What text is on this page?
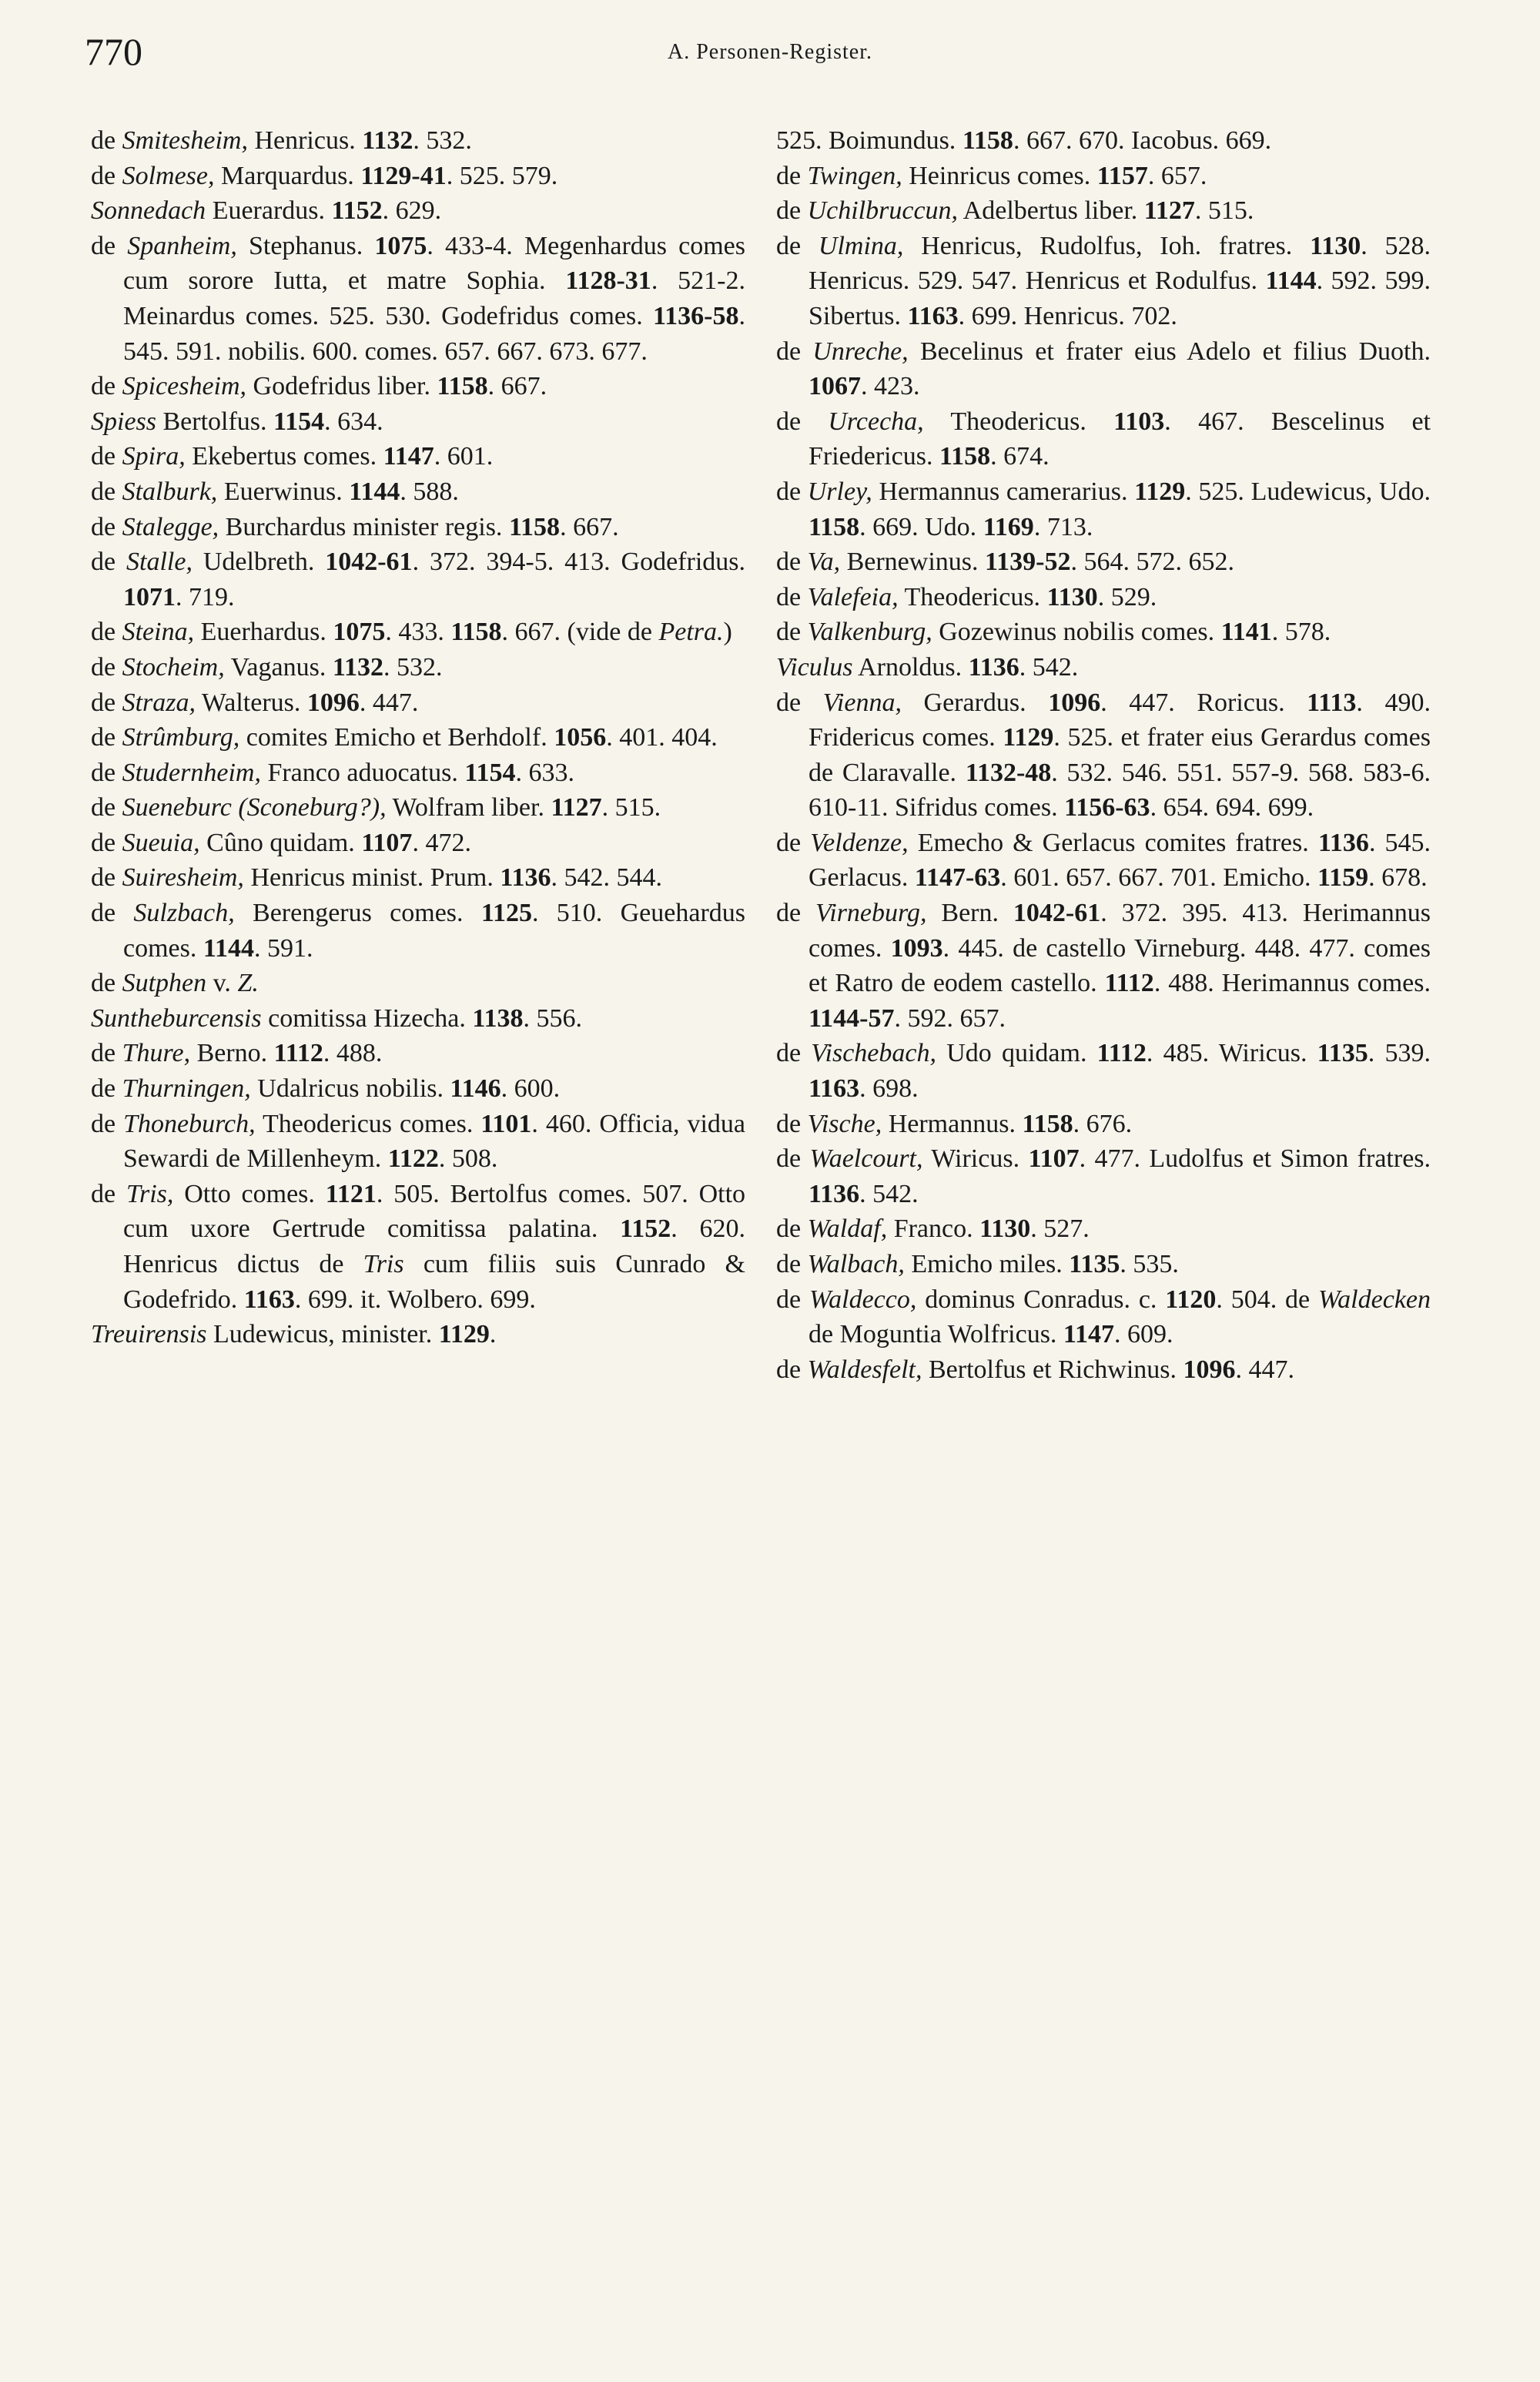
770	A. Personen-Register.

de Smitesheim, Henricus. 1132. 532.

de Solmese, Marquardus. 1129-41. 525. 579.

Sonnedach Euerardus. 1152. 629.

de Spanheim, Stephanus. 1075. 433-4. Megenhardus comes cum sorore Iutta, et matre Sophia. 1128-31. 521-2. Meinardus comes. 525. 530. Godefridus comes. 1136-58. 545. 591. nobilis. 600. comes. 657. 667. 673. 677.

de Spicesheim, Godefridus liber. 1158. 667.

Spiess Bertolfus. 1154. 634.

de Spira, Ekebertus comes. 1147. 601.

de Stalburk, Euerwinus. 1144. 588.

de Stalegge, Burchardus minister regis. 1158. 667.

de Stalle, Udelbreth. 1042-61. 372. 394-5. 413. Godefridus. 1071. 719.

de Steina, Euerhardus. 1075. 433. 1158. 667. (vide de Petra.)

de Stocheim, Vaganus. 1132. 532.

de Straza, Walterus. 1096. 447.

de Strûmburg, comites Emicho et Berhdolf. 1056. 401. 404.

de Studernheim, Franco aduocatus. 1154. 633.

de Sueneburc (Sconeburg?), Wolfram liber. 1127. 515.

de Sueuia, Cûno quidam. 1107. 472.

de Suiresheim, Henricus minist. Prum. 1136. 542. 544.

de Sulzbach, Berengerus comes. 1125. 510. Geuehardus comes. 1144. 591.

de Sutphen v. Z.

Suntheburcensis comitissa Hizecha. 1138. 556.

de Thure, Berno. 1112. 488.

de Thurningen, Udalricus nobilis. 1146. 600.

de Thoneburch, Theodericus comes. 1101. 460. Officia, vidua Sewardi de Millenheym. 1122. 508.

de Tris, Otto comes. 1121. 505. Bertolfus comes. 507. Otto cum uxore Gertrude comitissa palatina. 1152. 620. Henricus dictus de Tris cum filiis suis Cunrado & Godefrido. 1163. 699. it. Wolbero. 699.

Treuirensis Ludewicus, minister. 1129.

525. Boimundus. 1158. 667. 670. Iacobus. 669.

de Twingen, Heinricus comes. 1157. 657.

de Uchilbruccun, Adelbertus liber. 1127. 515.

de Ulmina, Henricus, Rudolfus, Ioh. fratres. 1130. 528. Henricus. 529. 547. Henricus et Rodulfus. 1144. 592. 599. Sibertus. 1163. 699. Henricus. 702.

de Unreche, Becelinus et frater eius Adelo et filius Duoth. 1067. 423.

de Urcecha, Theodericus. 1103. 467. Bescelinus et Friedericus. 1158. 674.

de Urley, Hermannus camerarius. 1129. 525. Ludewicus, Udo. 1158. 669. Udo. 1169. 713.

de Va, Bernewinus. 1139-52. 564. 572. 652.

de Valefeia, Theodericus. 1130. 529.

de Valkenburg, Gozewinus nobilis comes. 1141. 578.

Viculus Arnoldus. 1136. 542.

de Vienna, Gerardus. 1096. 447. Roricus. 1113. 490. Fridericus comes. 1129. 525. et frater eius Gerardus comes de Claravalle. 1132-48. 532. 546. 551. 557-9. 568. 583-6. 610-11. Sifridus comes. 1156-63. 654. 694. 699.

de Veldenze, Emecho & Gerlacus comites fratres. 1136. 545. Gerlacus. 1147-63. 601. 657. 667. 701. Emicho. 1159. 678.

de Virneburg, Bern. 1042-61. 372. 395. 413. Herimannus comes. 1093. 445. de castello Virneburg. 448. 477. comes et Ratro de eodem castello. 1112. 488. Herimannus comes. 1144-57. 592. 657.

de Vischebach, Udo quidam. 1112. 485. Wiricus. 1135. 539. 1163. 698.

de Vische, Hermannus. 1158. 676.

de Waelcourt, Wiricus. 1107. 477. Ludolfus et Simon fratres. 1136. 542.

de Waldaf, Franco. 1130. 527.

de Walbach, Emicho miles. 1135. 535.

de Waldecco, dominus Conradus. c. 1120. 504. de Waldecken de Moguntia Wolfricus. 1147. 609.

de Waldesfelt, Bertolfus et Richwinus. 1096. 447.
